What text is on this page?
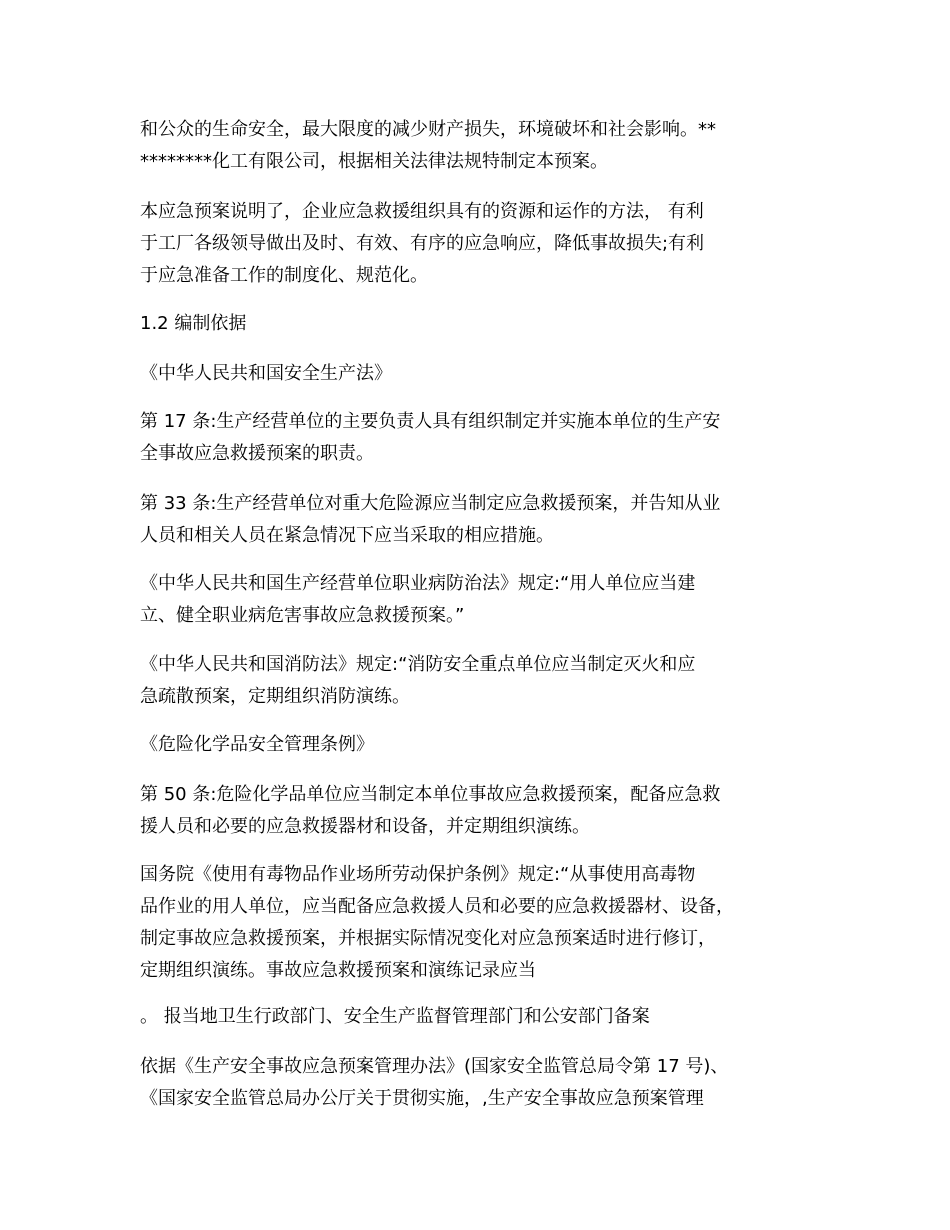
和公众的生命安全，最大限度的减少财产损失，环境破坏和社会影响。**
********化工有限公司，根据相关法律法规特制定本预案。
本应急预案说明了，企业应急救援组织具有的资源和运作的方法， 有利
于工厂各级领导做出及时、有效、有序的应急响应，降低事故损失;有利
于应急准备工作的制度化、规范化。
1.2 编制依据
《中华人民共和国安全生产法》
第 17 条:生产经营单位的主要负责人具有组织制定并实施本单位的生产安
全事故应急救援预案的职责。
第 33 条:生产经营单位对重大危险源应当制定应急救援预案，并告知从业
人员和相关人员在紧急情况下应当采取的相应措施。
《中华人民共和国生产经营单位职业病防治法》规定:“用人单位应当建
立、健全职业病危害事故应急救援预案。”
《中华人民共和国消防法》规定:“消防安全重点单位应当制定灭火和应
急疏散预案，定期组织消防演练。
《危险化学品安全管理条例》
第 50 条:危险化学品单位应当制定本单位事故应急救援预案，配备应急救
援人员和必要的应急救援器材和设备，并定期组织演练。
国务院《使用有毒物品作业场所劳动保护条例》规定:“从事使用高毒物
品作业的用人单位，应当配备应急救援人员和必要的应急救援器材、设备，
制定事故应急救援预案，并根据实际情况变化对应急预案适时进行修订，
定期组织演练。事故应急救援预案和演练记录应当
。 报当地卫生行政部门、安全生产监督管理部门和公安部门备案
依据《生产安全事故应急预案管理办法》(国家安全监管总局令第 17 号)、
《国家安全监管总局办公厅关于贯彻实施，,生产安全事故应急预案管理
